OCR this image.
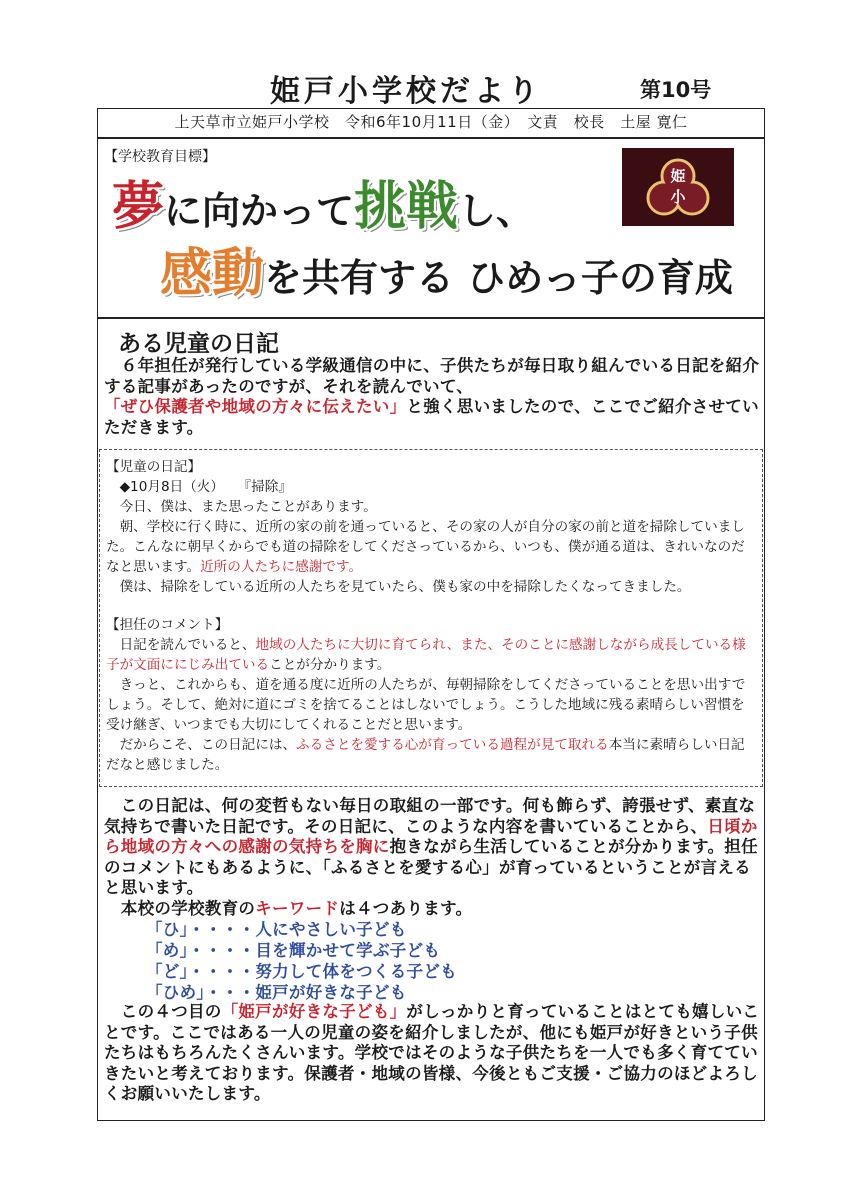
姫戸小学校だより	第10号
上天草市立姫戸小学校　令和6年10月11日（金）　文責　校長　土屋 寛仁
【学校教育目標】
夢に向かって挑戦し、
感動を共有する ひめっ子の育成
姫
小
ある児童の日記
　６年担任が発行している学級通信の中に、子供たちが毎日取り組んでいる日記を紹介する記事があったのですが、それを読んでいて、「ぜひ保護者や地域の方々に伝えたい」と強く思いましたので、ここでご紹介させていただきます。
【児童の日記】
　◆10月8日（火）　　『掃除』
　今日、僕は、また思ったことがあります。
　朝、学校に行く時に、近所の家の前を通っていると、その家の人が自分の家の前と道を掃除していました。こんなに朝早くからでも道の掃除をしてくださっているから、いつも、僕が通る道は、きれいなのだなと思います。近所の人たちに感謝です。
　僕は、掃除をしている近所の人たちを見ていたら、僕も家の中を掃除したくなってきました。
【担任のコメント】
　日記を読んでいると、地域の人たちに大切に育てられ、また、そのことに感謝しながら成長している様子が文面ににじみ出ていることが分かります。
　きっと、これからも、道を通る度に近所の人たちが、毎朝掃除をしてくださっていることを思い出すでしょう。そして、絶対に道にゴミを捨てることはしないでしょう。こうした地域に残る素晴らしい習慣を受け継ぎ、いつまでも大切にしてくれることだと思います。
　だからこそ、この日記には、ふるさとを愛する心が育っている過程が見て取れる本当に素晴らしい日記だなと感じました。
　この日記は、何の変哲もない毎日の取組の一部です。何も飾らず、誇張せず、素直な気持ちで書いた日記です。その日記に、このような内容を書いていることから、日頃から地域の方々への感謝の気持ちを胸に抱きながら生活していることが分かります。担任のコメントにもあるように、「ふるさとを愛する心」が育っているということが言えると思います。
　本校の学校教育のキーワードは４つあります。
「ひ」・・・・人にやさしい子ども
「め」・・・・目を輝かせて学ぶ子ども
「ど」・・・・努力して体をつくる子ども
「ひめ」・・・姫戸が好きな子ども
　この４つ目の「姫戸が好きな子ども」がしっかりと育っていることはとても嬉しいことです。ここではある一人の児童の姿を紹介しましたが、他にも姫戸が好きという子供たちはもちろんたくさんいます。学校ではそのような子供たちを一人でも多く育てていきたいと考えております。保護者・地域の皆様、今後ともご支援・ご協力のほどよろしくお願いいたします。
